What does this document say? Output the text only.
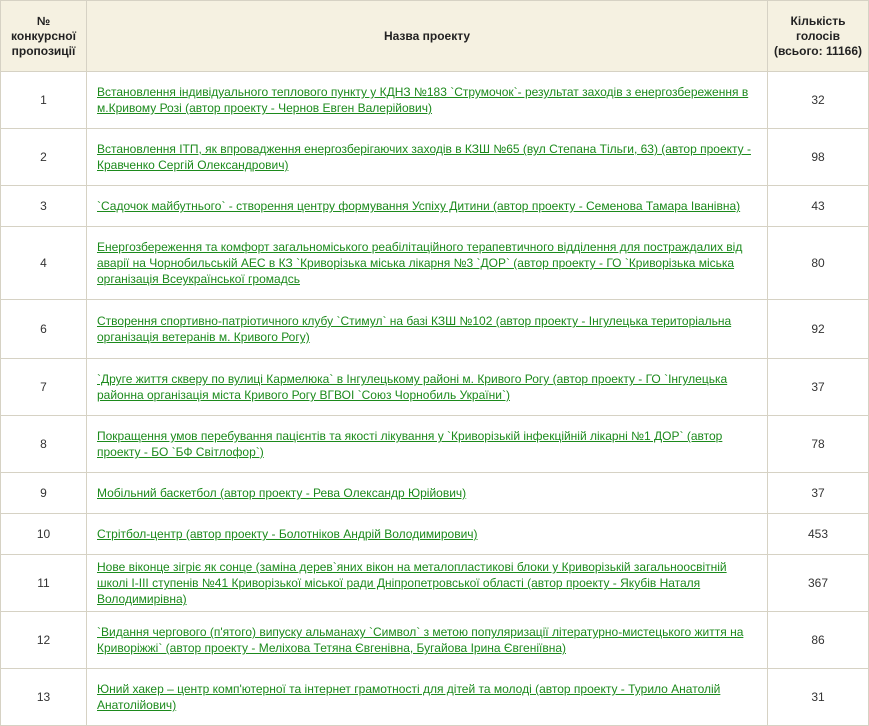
№ конкурсної пропозиції	Назва проекту	Кількість голосів (всього: 11166)
1	Встановлення індивідуального теплового пункту у КДНЗ №183 `Струмочок`- результат заходів з енергозбереження в м.Кривому Розі (автор проекту - Чернов Евген Валерійович)	32
2	Встановлення ІТП, як впровадження енергозберігаючих заходів в КЗШ №65 (вул Степана Тільги, 63) (автор проекту - Кравченко Сергій Олександрович)	98
3	`Садочок майбутнього` - створення центру формування Успіху Дитини (автор проекту - Семенова Тамара Іванівна)	43
4	Енергозбереження та комфорт загальноміського реабілітаційного терапевтичного відділення для постраждалих від аварії на Чорнобильській АЕС в КЗ `Криворізька міська лікарня №3 `ДОР` (автор проекту - ГО `Криворізька міська організація Всеукраїнської громадсь	80
6	Створення спортивно-патріотичного клубу `Стимул` на базі КЗШ №102 (автор проекту - Інгулецька територіальна організація ветеранів м. Кривого Рогу)	92
7	`Друге життя скверу по вулиці Кармелюка` в Інгулецькому районі м. Кривого Рогу (автор проекту - ГО `Інгулецька районна організація міста Кривого Рогу ВГВОІ `Союз Чорнобиль України`)	37
8	Покращення умов перебування пацієнтів та якості лікування у `Криворізькій інфекційній лікарні №1 ДОР` (автор проекту - БО `БФ Світлофор`)	78
9	Мобільний баскетбол (автор проекту - Рева Олександр Юрійович)	37
10	Стрітбол-центр (автор проекту - Болотніков Андрій Володимирович)	453
11	Нове віконце зігріє як сонце (заміна дерев`яних вікон на металопластикові блоки у Криворізькій загальноосвітній школі І-ІІІ ступенів №41 Криворізької міської ради Дніпропетровської області (автор проекту - Якубів Наталя Володимирівна)	367
12	`Видання чергового (п'ятого) випуску альманаху `Символ` з метою популяризації літературно-мистецького життя на Криворіжжі` (автор проекту - Меліхова Тетяна Євгенівна, Бугайова Ірина Євгеніївна)	86
13	Юний хакер – центр комп'ютерної та інтернет грамотності для дітей та молоді (автор проекту - Турило Анатолій Анатолійович)	31
